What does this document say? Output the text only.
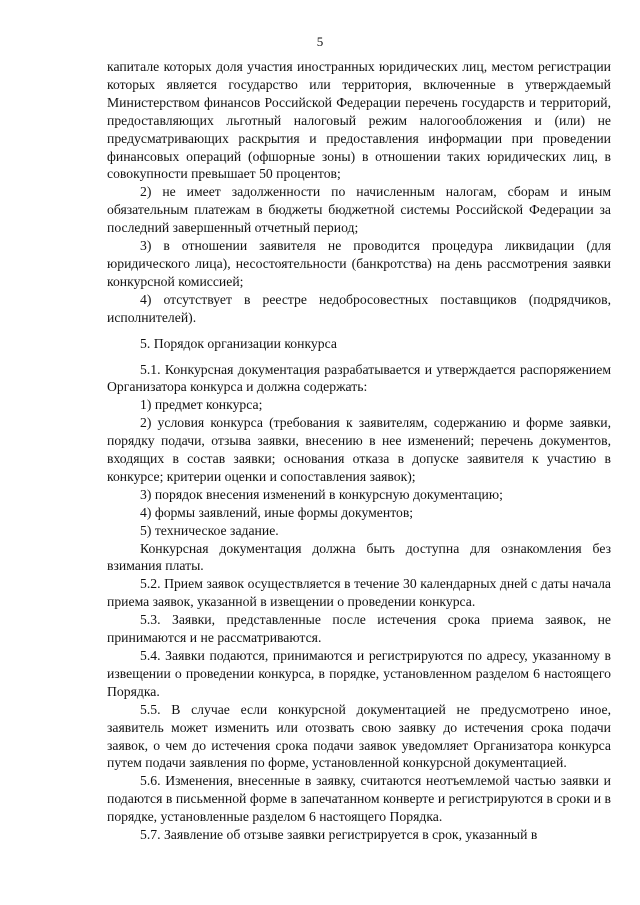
5

капитале которых доля участия иностранных юридических лиц, местом регистрации которых является государство или территория, включенные в утверждаемый Министерством финансов Российской Федерации перечень государств и территорий, предоставляющих льготный налоговый режим налогообложения и (или) не предусматривающих раскрытия и предоставления информации при проведении финансовых операций (офшорные зоны) в отношении таких юридических лиц, в совокупности превышает 50 процентов;

2) не имеет задолженности по начисленным налогам, сборам и иным обязательным платежам в бюджеты бюджетной системы Российской Федерации за последний завершенный отчетный период;

3) в отношении заявителя не проводится процедура ликвидации (для юридического лица), несостоятельности (банкротства) на день рассмотрения заявки конкурсной комиссией;

4) отсутствует в реестре недобросовестных поставщиков (подрядчиков, исполнителей).

5. Порядок организации конкурса

5.1. Конкурсная документация разрабатывается и утверждается распоряжением Организатора конкурса и должна содержать:

1) предмет конкурса;

2) условия конкурса (требования к заявителям, содержанию и форме заявки, порядку подачи, отзыва заявки, внесению в нее изменений; перечень документов, входящих в состав заявки; основания отказа в допуске заявителя к участию в конкурсе; критерии оценки и сопоставления заявок);

3) порядок внесения изменений в конкурсную документацию;

4) формы заявлений, иные формы документов;

5) техническое задание.

Конкурсная документация должна быть доступна для ознакомления без взимания платы.

5.2. Прием заявок осуществляется в течение 30 календарных дней с даты начала приема заявок, указанной в извещении о проведении конкурса.

5.3. Заявки, представленные после истечения срока приема заявок, не принимаются и не рассматриваются.

5.4. Заявки подаются, принимаются и регистрируются по адресу, указанному в извещении о проведении конкурса, в порядке, установленном разделом 6 настоящего Порядка.

5.5. В случае если конкурсной документацией не предусмотрено иное, заявитель может изменить или отозвать свою заявку до истечения срока подачи заявок, о чем до истечения срока подачи заявок уведомляет Организатора конкурса путем подачи заявления по форме, установленной конкурсной документацией.

5.6. Изменения, внесенные в заявку, считаются неотъемлемой частью заявки и подаются в письменной форме в запечатанном конверте и регистрируются в сроки и в порядке, установленные разделом 6 настоящего Порядка.

5.7. Заявление об отзыве заявки регистрируется в срок, указанный в
